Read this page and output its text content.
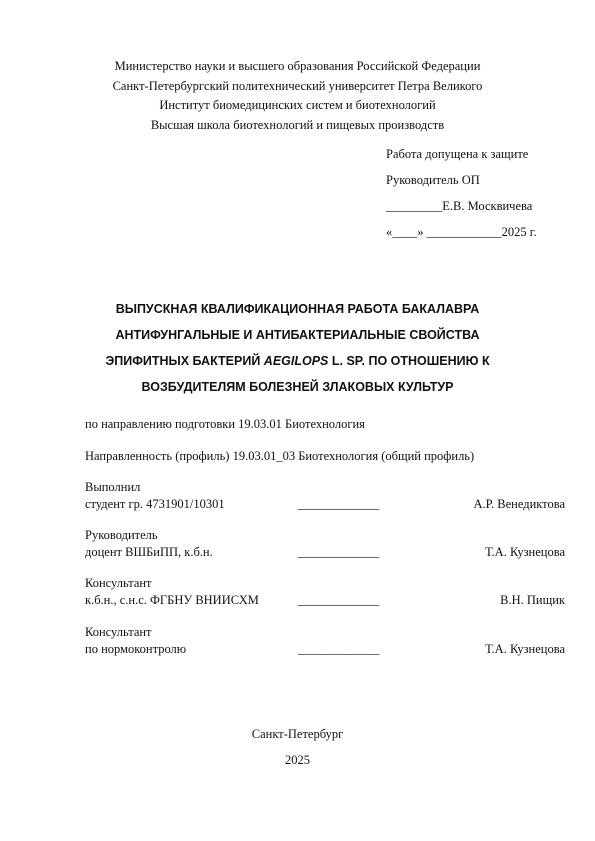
Министерство науки и высшего образования Российской Федерации
Санкт-Петербургский политехнический университет Петра Великого
Институт биомедицинских систем и биотехнологий
Высшая школа биотехнологий и пищевых производств
Работа допущена к защите
Руководитель ОП
_________Е.В. Москвичева
«____» ____________2025 г.
ВЫПУСКНАЯ КВАЛИФИКАЦИОННАЯ РАБОТА БАКАЛАВРА
АНТИФУНГАЛЬНЫЕ И АНТИБАКТЕРИАЛЬНЫЕ СВОЙСТВА
ЭПИФИТНЫХ БАКТЕРИЙ AEGILOPS L. SP. ПО ОТНОШЕНИЮ К
ВОЗБУДИТЕЛЯМ БОЛЕЗНЕЙ ЗЛАКОВЫХ КУЛЬТУР
по направлению подготовки 19.03.01 Биотехнология
Направленность (профиль) 19.03.01_03 Биотехнология (общий профиль)
Выполнил
студент гр. 4731901/10301	_____________	А.Р. Венедиктова
Руководитель
доцент ВШБиПП, к.б.н.	_____________	Т.А. Кузнецова
Консультант
к.б.н., с.н.с. ФГБНУ ВНИИСХМ	_____________	В.Н. Пищик
Консультант
по нормоконтролю	_____________	Т.А. Кузнецова
Санкт-Петербург
2025
